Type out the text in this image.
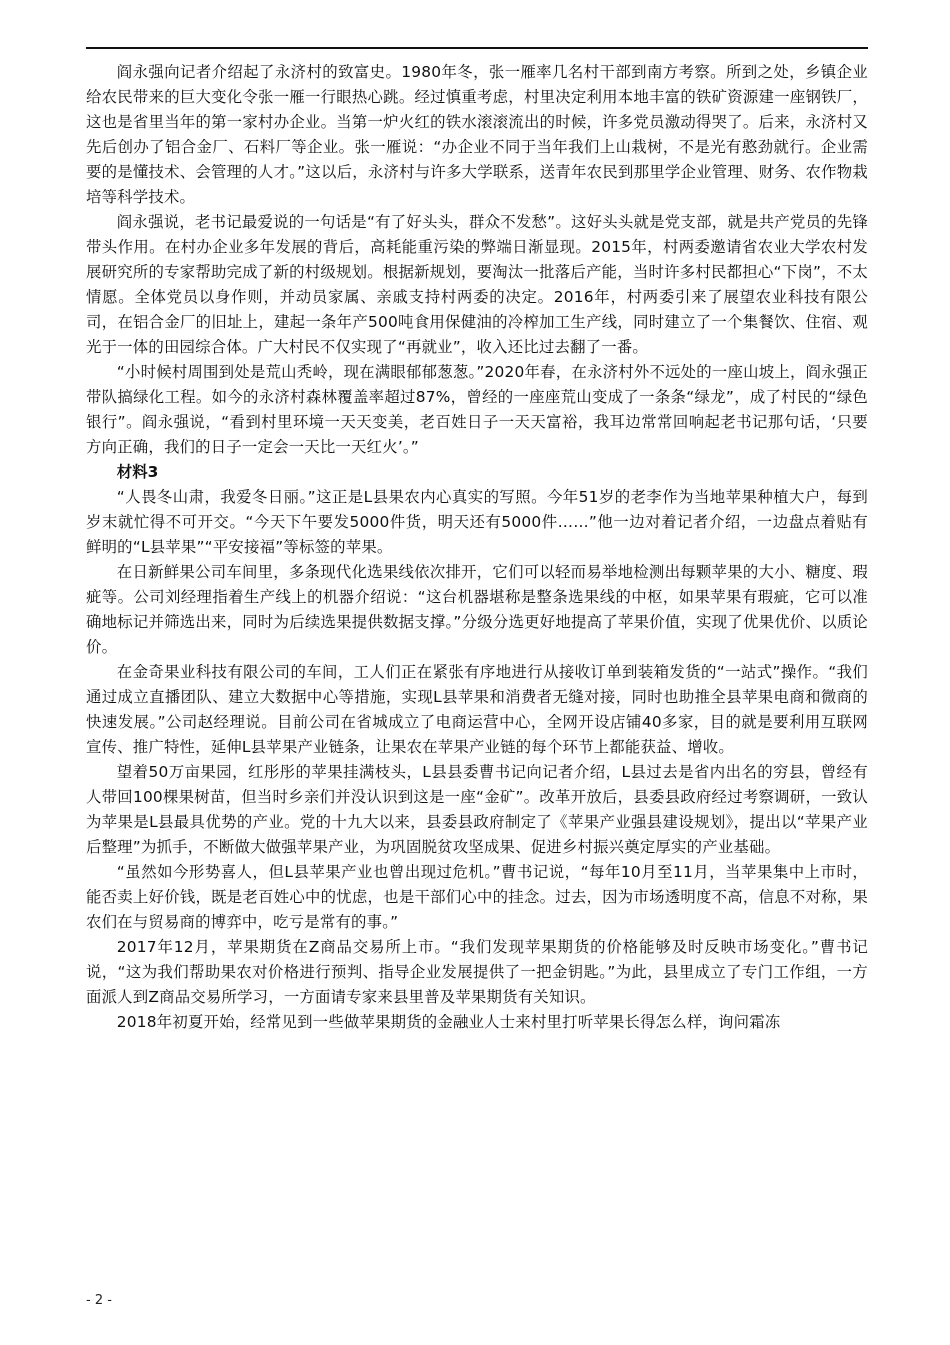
阎永强向记者介绍起了永济村的致富史。1980年冬，张一雁率几名村干部到南方考察。所到之处，乡镇企业给农民带来的巨大变化令张一雁一行眼热心跳。经过慎重考虑，村里决定利用本地丰富的铁矿资源建一座钢铁厂，这也是省里当年的第一家村办企业。当第一炉火红的铁水滚滚流出的时候，许多党员激动得哭了。后来，永济村又先后创办了铝合金厂、石料厂等企业。张一雁说：“办企业不同于当年我们上山栽树，不是光有憨劲就行。企业需要的是懂技术、会管理的人才。”这以后，永济村与许多大学联系，送青年农民到那里学企业管理、财务、农作物栽培等科学技术。

阎永强说，老书记最爱说的一句话是“有了好头头，群众不发愁”。这好头头就是党支部，就是共产党员的先锋带头作用。在村办企业多年发展的背后，高耗能重污染的弊端日渐显现。2015年，村两委邀请省农业大学农村发展研究所的专家帮助完成了新的村级规划。根据新规划，要淘汰一批落后产能，当时许多村民都担心“下岗”，不太情愿。全体党员以身作则，并动员家属、亲戚支持村两委的决定。2016年，村两委引来了展望农业科技有限公司，在铝合金厂的旧址上，建起一条年产500吨食用保健油的冷榨加工生产线，同时建立了一个集餐饮、住宿、观光于一体的田园综合体。广大村民不仅实现了“再就业”，收入还比过去翻了一番。

“小时候村周围到处是荒山秃岭，现在满眼郁郁葱葱。”2020年春，在永济村外不远处的一座山坡上，阎永强正带队搞绿化工程。如今的永济村森林覆盖率超过87%，曾经的一座座荒山变成了一条条“绿龙”，成了村民的“绿色银行”。阎永强说，“看到村里环境一天天变美，老百姓日子一天天富裕，我耳边常常回响起老书记那句话，‘只要方向正确，我们的日子一定会一天比一天红火’。”

材料3

“人畏冬山肃，我爱冬日丽。”这正是L县果农内心真实的写照。今年51岁的老李作为当地苹果种植大户，每到岁末就忙得不可开交。“今天下午要发5000件货，明天还有5000件……”他一边对着记者介绍，一边盘点着贴有鲜明的“L县苹果”“平安接福”等标签的苹果。

在日新鲜果公司车间里，多条现代化选果线依次排开，它们可以轻而易举地检测出每颗苹果的大小、糖度、瑕疵等。公司刘经理指着生产线上的机器介绍说：“这台机器堪称是整条选果线的中枢，如果苹果有瑕疵，它可以准确地标记并筛选出来，同时为后续选果提供数据支撑。”分级分选更好地提高了苹果价值，实现了优果优价、以质论价。

在金奇果业科技有限公司的车间，工人们正在紧张有序地进行从接收订单到装箱发货的“一站式”操作。“我们通过成立直播团队、建立大数据中心等措施，实现L县苹果和消费者无缝对接，同时也助推全县苹果电商和微商的快速发展。”公司赵经理说。目前公司在省城成立了电商运营中心，全网开设店铺40多家，目的就是要利用互联网宣传、推广特性，延伸L县苹果产业链条，让果农在苹果产业链的每个环节上都能获益、增收。

望着50万亩果园，红彤彤的苹果挂满枝头，L县县委曹书记向记者介绍，L县过去是省内出名的穷县，曾经有人带回100棵果树苗，但当时乡亲们并没认识到这是一座“金矿”。改革开放后，县委县政府经过考察调研，一致认为苹果是L县最具优势的产业。党的十九大以来，县委县政府制定了《苹果产业强县建设规划》，提出以“苹果产业后整理”为抓手，不断做大做强苹果产业，为巩固脱贫攻坚成果、促进乡村振兴奠定厚实的产业基础。

“虽然如今形势喜人，但L县苹果产业也曾出现过危机。”曹书记说，“每年10月至11月，当苹果集中上市时，能否卖上好价钱，既是老百姓心中的忧虑，也是干部们心中的挂念。过去，因为市场透明度不高，信息不对称，果农们在与贸易商的博弈中，吃亏是常有的事。”

2017年12月，苹果期货在Z商品交易所上市。“我们发现苹果期货的价格能够及时反映市场变化。”曹书记说，“这为我们帮助果农对价格进行预判、指导企业发展提供了一把金钥匙。”为此，县里成立了专门工作组，一方面派人到Z商品交易所学习，一方面请专家来县里普及苹果期货有关知识。

2018年初夏开始，经常见到一些做苹果期货的金融业人士来村里打听苹果长得怎么样，询问霜冻

- 2 -
